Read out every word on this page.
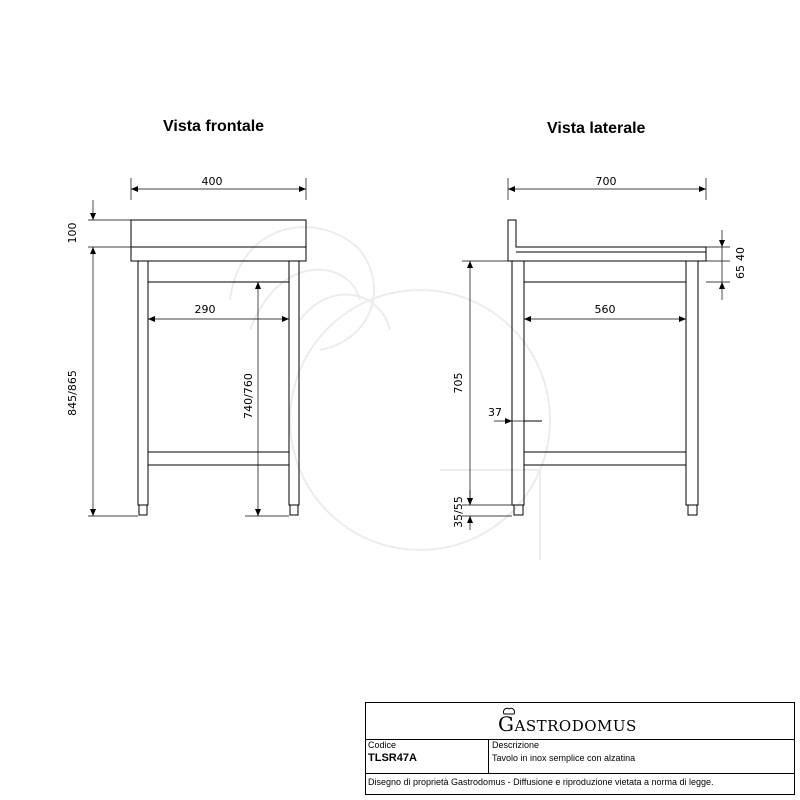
400
100
845/865
290
740/760
700
560
705
37
35/55
65
40
Vista frontale	Vista laterale
GASTRODOMUS
Codice
TLSR47A
Descrizione
Tavolo in inox semplice con alzatina
Disegno di proprietà Gastrodomus - Diffusione e riproduzione vietata a norma di legge.
